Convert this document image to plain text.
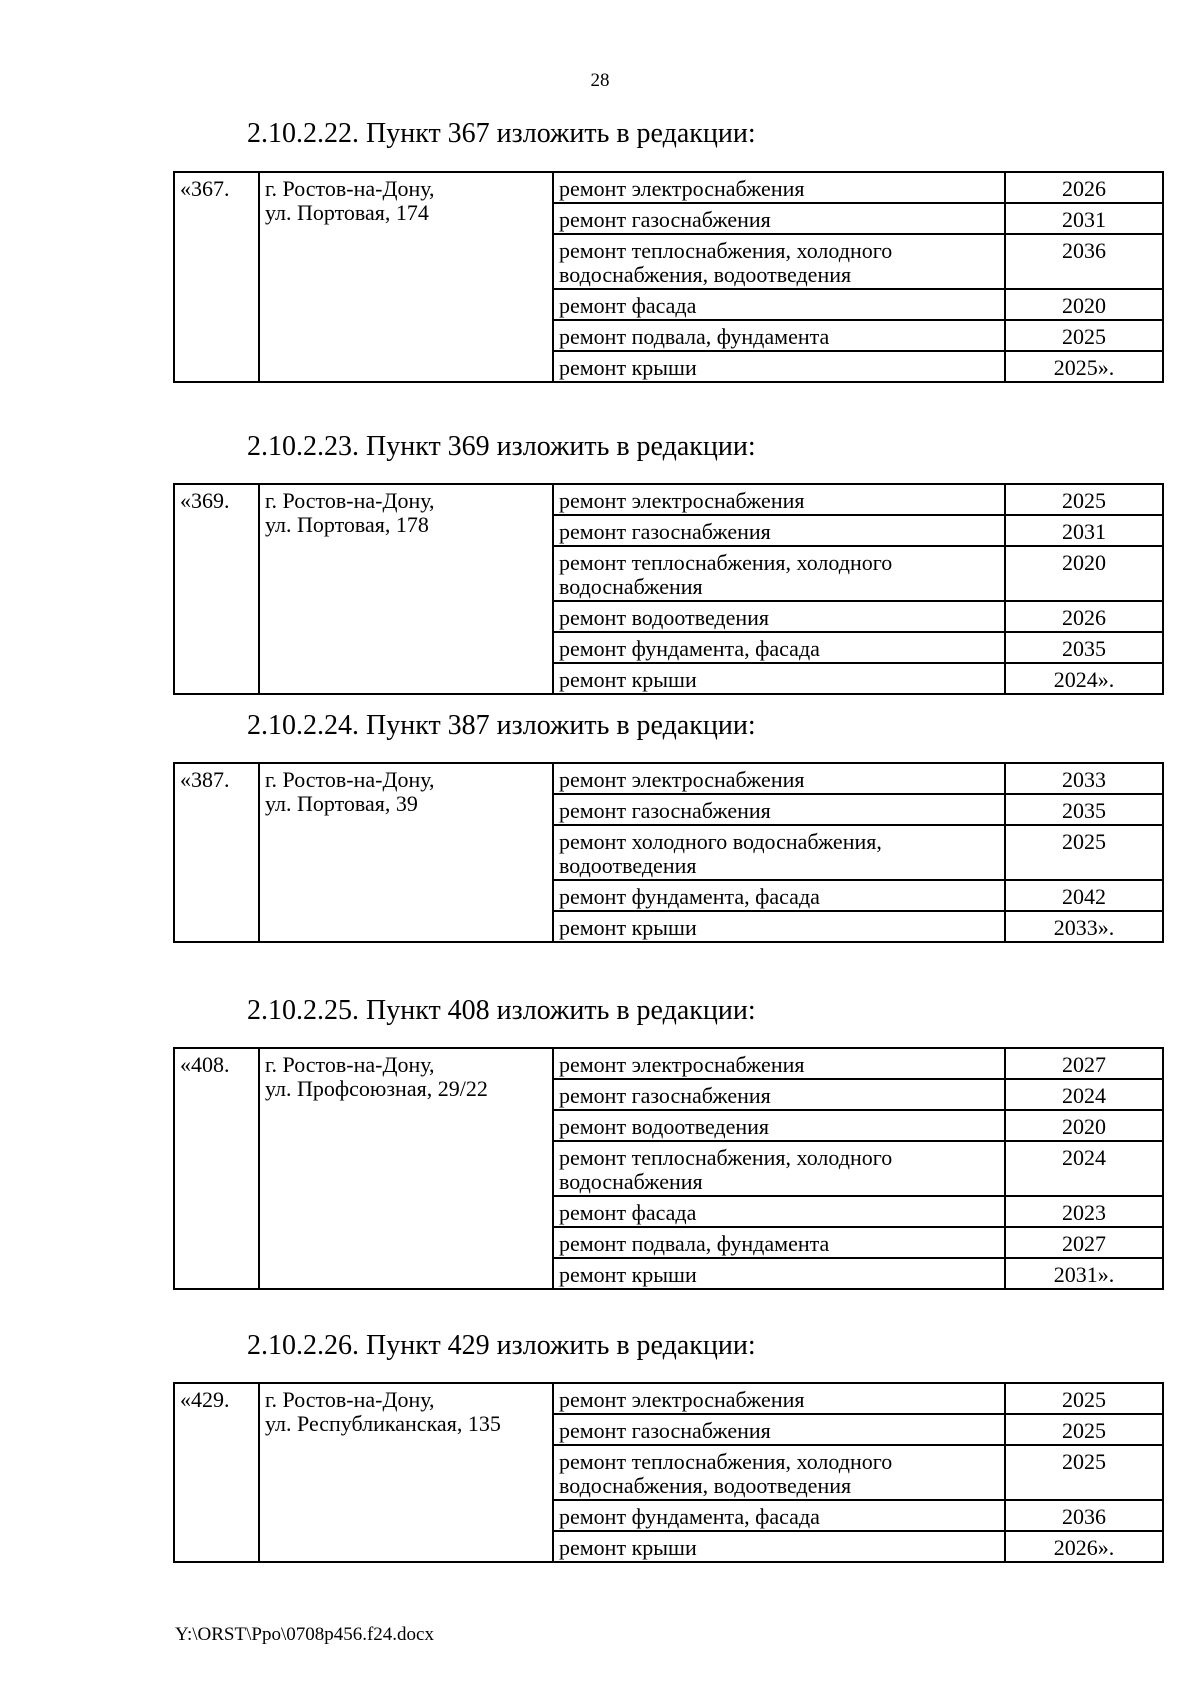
28

2.10.2.22. Пункт 367 изложить в редакции:

«367.	г. Ростов-на-Дону,
ул. Портовая, 174	ремонт электроснабжения	2026
		ремонт газоснабжения	2031
		ремонт теплоснабжения, холодного водоснабжения, водоотведения	2036
		ремонт фасада	2020
		ремонт подвала, фундамента	2025
		ремонт крыши	2025».

2.10.2.23. Пункт 369 изложить в редакции:

«369.	г. Ростов-на-Дону,
ул. Портовая, 178	ремонт электроснабжения	2025
		ремонт газоснабжения	2031
		ремонт теплоснабжения, холодного водоснабжения	2020
		ремонт водоотведения	2026
		ремонт фундамента, фасада	2035
		ремонт крыши	2024».

2.10.2.24. Пункт 387 изложить в редакции:

«387.	г. Ростов-на-Дону,
ул. Портовая, 39	ремонт электроснабжения	2033
		ремонт газоснабжения	2035
		ремонт холодного водоснабжения, водоотведения	2025
		ремонт фундамента, фасада	2042
		ремонт крыши	2033».

2.10.2.25. Пункт 408 изложить в редакции:

«408.	г. Ростов-на-Дону,
ул. Профсоюзная, 29/22	ремонт электроснабжения	2027
		ремонт газоснабжения	2024
		ремонт водоотведения	2020
		ремонт теплоснабжения, холодного водоснабжения	2024
		ремонт фасада	2023
		ремонт подвала, фундамента	2027
		ремонт крыши	2031».

2.10.2.26. Пункт 429 изложить в редакции:

«429.	г. Ростов-на-Дону,
ул. Республиканская, 135	ремонт электроснабжения	2025
		ремонт газоснабжения	2025
		ремонт теплоснабжения, холодного водоснабжения, водоотведения	2025
		ремонт фундамента, фасада	2036
		ремонт крыши	2026».
Y:\ORST\Ppo\0708p456.f24.docx
